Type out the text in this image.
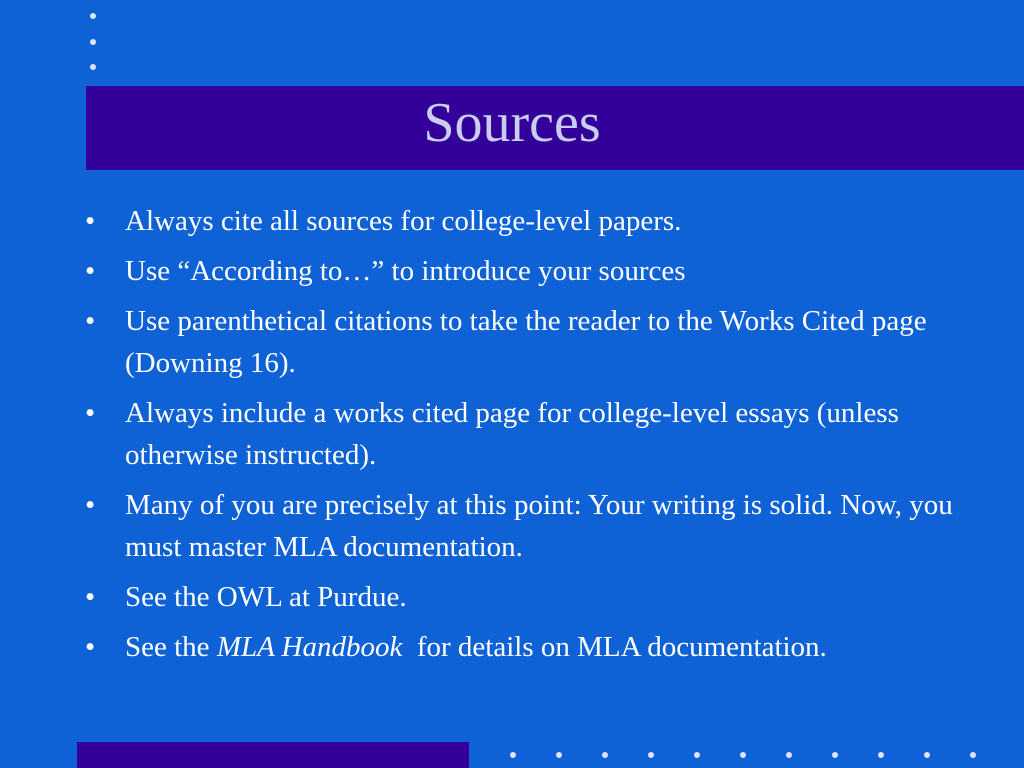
Sources
• Always cite all sources for college-level papers.
• Use “According to…” to introduce your sources
• Use parenthetical citations to take the reader to the Works Cited page (Downing 16).
• Always include a works cited page for college-level essays (unless otherwise instructed).
• Many of you are precisely at this point: Your writing is solid. Now, you must master MLA documentation.
• See the OWL at Purdue.
• See the MLA Handbook  for details on MLA documentation.
